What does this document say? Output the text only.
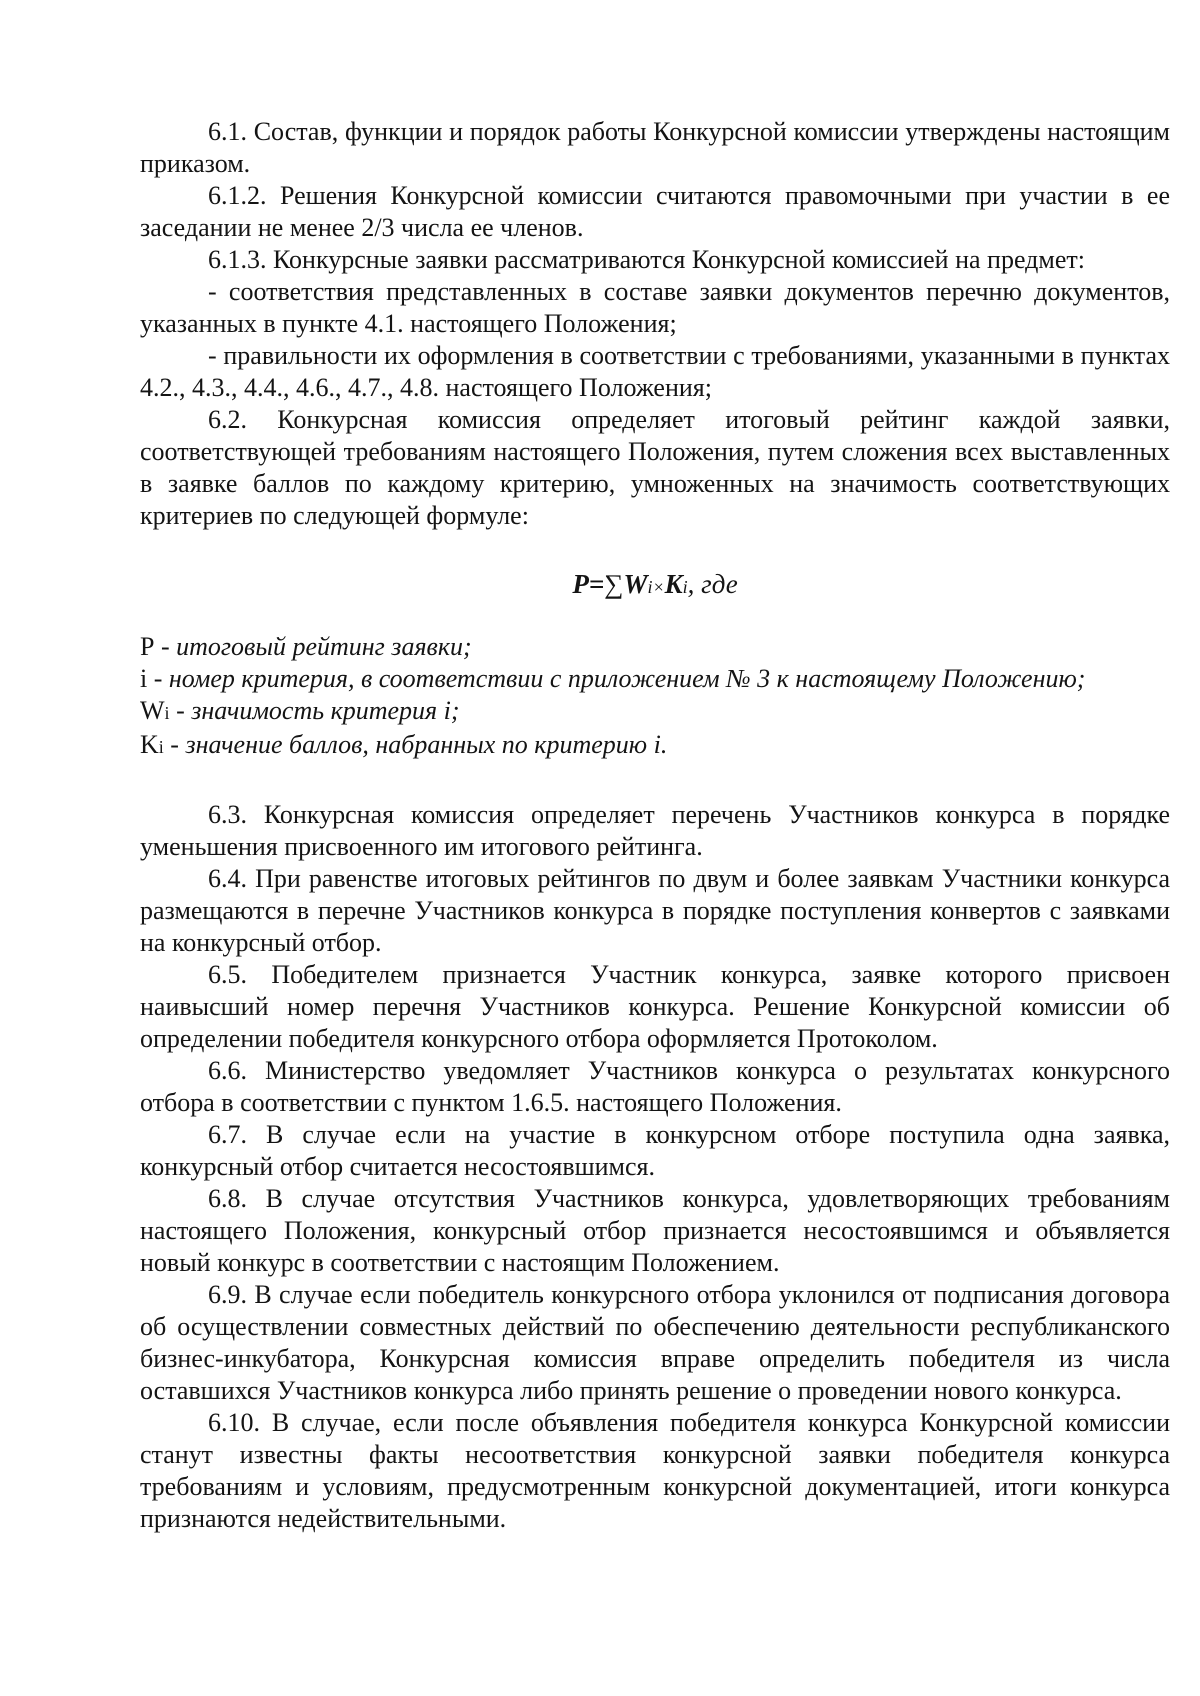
6.1. Состав, функции и порядок работы Конкурсной комиссии утверждены настоящим приказом.

6.1.2. Решения Конкурсной комиссии считаются правомочными при участии в ее заседании не менее 2/3 числа ее членов.

6.1.3. Конкурсные заявки рассматриваются Конкурсной комиссией на предмет:

- соответствия представленных в составе заявки документов перечню документов, указанных в пункте 4.1. настоящего Положения;

- правильности их оформления в соответствии с требованиями, указанными в пунктах 4.2., 4.3., 4.4., 4.6., 4.7., 4.8. настоящего Положения;

6.2. Конкурсная комиссия определяет итоговый рейтинг каждой заявки, соответствующей требованиям настоящего Положения, путем сложения всех выставленных в заявке баллов по каждому критерию, умноженных на значимость соответствующих критериев по следующей формуле:

P=∑Wi×Ki, где

P - итоговый рейтинг заявки;

i - номер критерия, в соответствии с приложением № 3 к настоящему Положению;

Wi - значимость критерия i;

Ki - значение баллов, набранных по критерию i.

6.3. Конкурсная комиссия определяет перечень Участников конкурса в порядке уменьшения присвоенного им итогового рейтинга.

6.4. При равенстве итоговых рейтингов по двум и более заявкам Участники конкурса размещаются в перечне Участников конкурса в порядке поступления конвертов с заявками на конкурсный отбор.

6.5. Победителем признается Участник конкурса, заявке которого присвоен наивысший номер перечня Участников конкурса. Решение Конкурсной комиссии об определении победителя конкурсного отбора оформляется Протоколом.

6.6. Министерство уведомляет Участников конкурса о результатах конкурсного отбора в соответствии с пунктом 1.6.5. настоящего Положения.

6.7. В случае если на участие в конкурсном отборе поступила одна заявка, конкурсный отбор считается несостоявшимся.

6.8. В случае отсутствия Участников конкурса, удовлетворяющих требованиям настоящего Положения, конкурсный отбор признается несостоявшимся и объявляется новый конкурс в соответствии с настоящим Положением.

6.9. В случае если победитель конкурсного отбора уклонился от подписания договора об осуществлении совместных действий по обеспечению деятельности республиканского бизнес-инкубатора, Конкурсная комиссия вправе определить победителя из числа оставшихся Участников конкурса либо принять решение о проведении нового конкурса.

6.10. В случае, если после объявления победителя конкурса Конкурсной комиссии станут известны факты несоответствия конкурсной заявки победителя конкурса требованиям и условиям, предусмотренным конкурсной документацией, итоги конкурса признаются недействительными.
